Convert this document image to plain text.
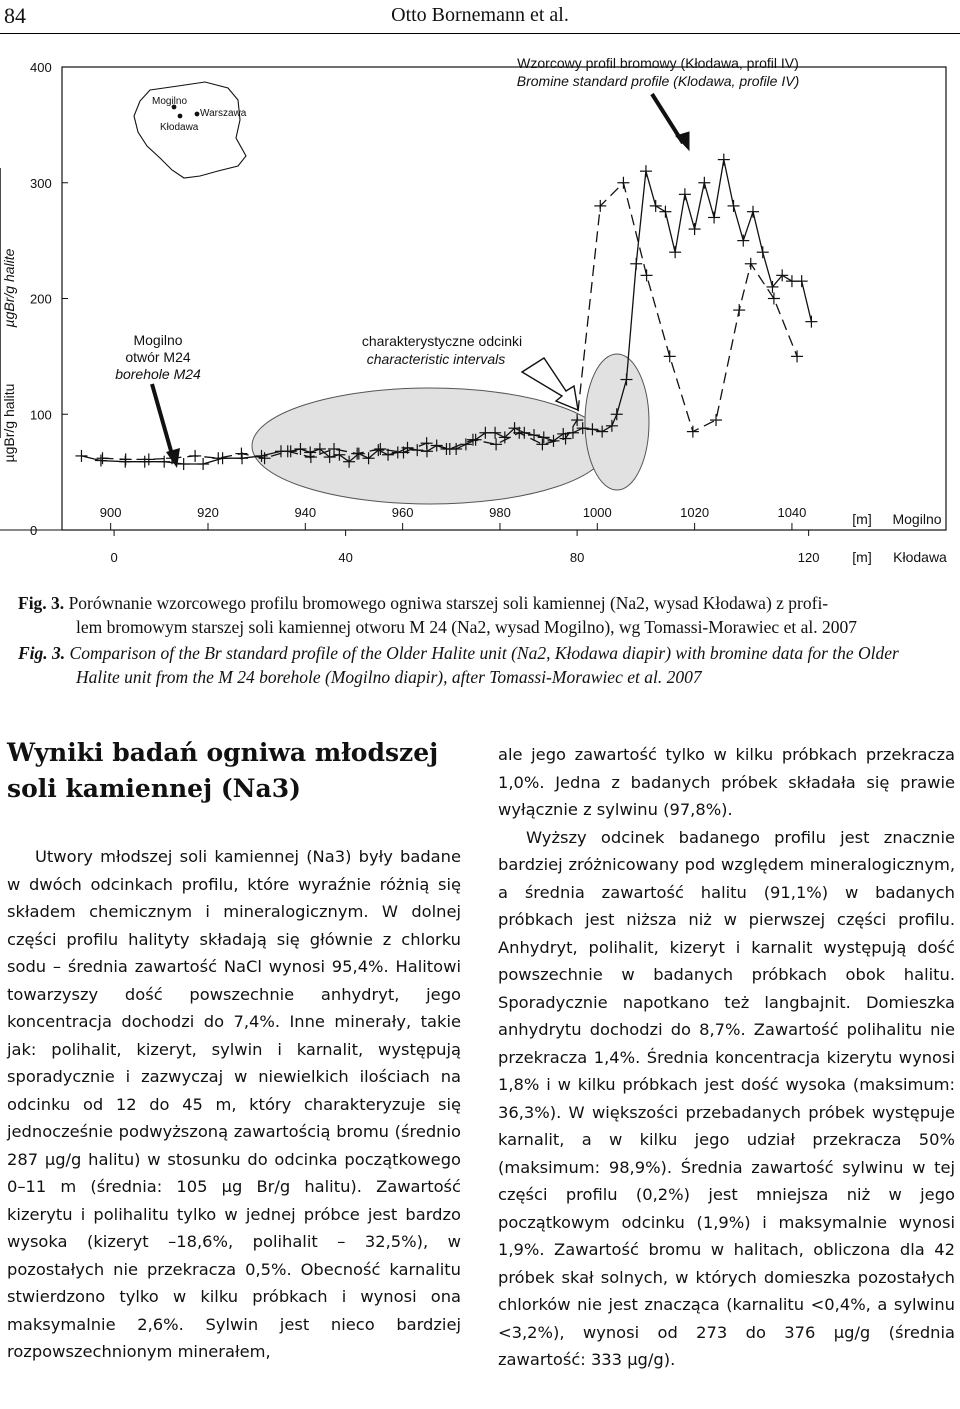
84	Otto Bornemann et al.
0
100
200
300
400
µgBr/g halite
µgBr/g halitu
900	920	940	960	980	1000	1020	1040	[m] Mogilno
0	40	80	120 [m] Kłodawa
Wzorcowy profil bromowy (Kłodawa, profil IV)
Bromine standard profile (Klodawa, profile IV)
Mogilno
otwór M24
borehole M24
charakterystyczne odcinki
characteristic intervals
Mogilno
Kłodawa
Warszawa
Fig. 3. Porównanie wzorcowego profilu bromowego ogniwa starszej soli kamiennej (Na2, wysad Kłodawa) z profi-
lem bromowym starszej soli kamiennej otworu M 24 (Na2, wysad Mogilno), wg Tomassi-Morawiec et al. 2007
Fig. 3. Comparison of the Br standard profile of the Older Halite unit (Na2, Kłodawa diapir) with bromine data for the Older
Halite unit from the M 24 borehole (Mogilno diapir), after Tomassi-Morawiec et al. 2007
Wyniki badań ogniwa młodszej soli kamiennej (Na3)

Utwory młodszej soli kamiennej (Na3) były badane w dwóch odcinkach profilu, które wyraźnie różnią się składem chemicznym i mineralogicznym. W dolnej części profilu halityty składają się głównie z chlorku sodu – średnia zawartość NaCl wynosi 95,4%. Halitowi towarzyszy dość powszechnie anhydryt, jego koncentracja dochodzi do 7,4%. Inne minerały, takie jak: polihalit, kizeryt, sylwin i karnalit, występują sporadycznie i zazwyczaj w niewielkich ilościach na odcinku od 12 do 45 m, który charakteryzuje się jednocześnie podwyższoną zawartością bromu (średnio 287 µg/g halitu) w stosunku do odcinka początkowego 0–11 m (średnia: 105 µg Br/g halitu). Zawartość kizerytu i polihalitu tylko w jednej próbce jest bardzo wysoka (kizeryt –18,6%, polihalit – 32,5%), w pozostałych nie przekracza 0,5%. Obecność karnalitu stwierdzono tylko w kilku próbkach i wynosi ona maksymalnie 2,6%. Sylwin jest nieco bardziej rozpowszechnionym minerałem,

ale jego zawartość tylko w kilku próbkach przekracza 1,0%. Jedna z badanych próbek składała się prawie wyłącznie z sylwinu (97,8%).

Wyższy odcinek badanego profilu jest znacznie bardziej zróżnicowany pod względem mineralogicznym, a średnia zawartość halitu (91,1%) w badanych próbkach jest niższa niż w pierwszej części profilu. Anhydryt, polihalit, kizeryt i karnalit występują dość powszechnie w badanych próbkach obok halitu. Sporadycznie napotkano też langbajnit. Domieszka anhydrytu dochodzi do 8,7%. Zawartość polihalitu nie przekracza 1,4%. Średnia koncentracja kizerytu wynosi 1,8% i w kilku próbkach jest dość wysoka (maksimum: 36,3%). W większości przebadanych próbek występuje karnalit, a w kilku jego udział przekracza 50% (maksimum: 98,9%). Średnia zawartość sylwinu w tej części profilu (0,2%) jest mniejsza niż w jego początkowym odcinku (1,9%) i maksymalnie wynosi 1,9%. Zawartość bromu w halitach, obliczona dla 42 próbek skał solnych, w których domieszka pozostałych chlorków nie jest znacząca (karnalitu <0,4%, a sylwinu <3,2%), wynosi od 273 do 376 µg/g (średnia zawartość: 333 µg/g).
